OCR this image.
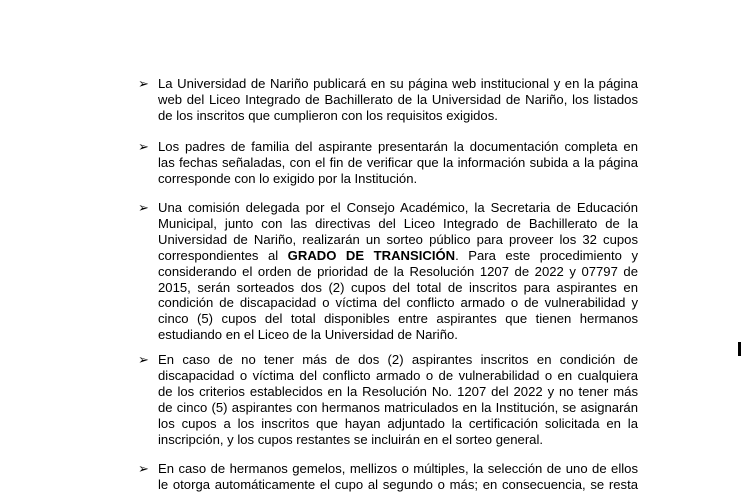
➢ La Universidad de Nariño publicará en su página web institucional y en la página
web del Liceo Integrado de Bachillerato de la Universidad de Nariño, los listados
de los inscritos que cumplieron con los requisitos exigidos.
➢ Los padres de familia del aspirante presentarán la documentación completa en
las fechas señaladas, con el fin de verificar que la información subida a la página
corresponde con lo exigido por la Institución.
➢ Una comisión delegada por el Consejo Académico, la Secretaria de Educación
Municipal, junto con las directivas del Liceo Integrado de Bachillerato de la
Universidad de Nariño, realizarán un sorteo público para proveer los 32 cupos
correspondientes al GRADO DE TRANSICIÓN. Para este procedimiento y
considerando el orden de prioridad de la Resolución 1207 de 2022 y 07797 de
2015, serán sorteados dos (2) cupos del total de inscritos para aspirantes en
condición de discapacidad o víctima del conflicto armado o de vulnerabilidad y
cinco (5) cupos del total disponibles entre aspirantes que tienen hermanos
estudiando en el Liceo de la Universidad de Nariño.
➢ En caso de no tener más de dos (2) aspirantes inscritos en condición de
discapacidad o víctima del conflicto armado o de vulnerabilidad o en cualquiera
de los criterios establecidos en la Resolución No. 1207 del 2022 y no tener más
de cinco (5) aspirantes con hermanos matriculados en la Institución, se asignarán
los cupos a los inscritos que hayan adjuntado la certificación solicitada en la
inscripción, y los cupos restantes se incluirán en el sorteo general.
➢ En caso de hermanos gemelos, mellizos o múltiples, la selección de uno de ellos
le otorga automáticamente el cupo al segundo o más; en consecuencia, se resta
